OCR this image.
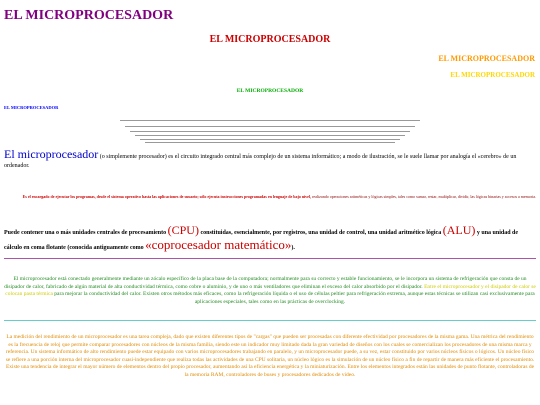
EL MICROPROCESADOR
EL MICROPROCESADOR
EL MICROPROCESADOR
EL MICROPROCESADOR
EL MICROPROCESADOR
EL MICROPROCESADOR
El microprocesador (o simplemente procesador) es el circuito integrado central más complejo de un sistema informático; a modo de ilustración, se le suele llamar por analogía el «cerebro» de un ordenador.
Es el encargado de ejecutar los programas, desde el sistema operativo hasta las aplicaciones de usuario; sólo ejecuta instrucciones programadas en lenguaje de bajo nivel, realizando operaciones aritméticas y lógicas simples, tales como sumar, restar, multiplicar, dividir, las lógicas binarias y accesos a memoria.
Puede contener una o más unidades centrales de procesamiento (CPU) constituidas, esencialmente, por registros, una unidad de control, una unidad aritmético lógica (ALU) y una unidad de cálculo en coma flotante (conocida antiguamente como «coprocesador matemático»).
El microprocesador está conectado generalmente mediante un zócalo específico de la placa base de la computadora; normalmente para su correcto y estable funcionamiento, se le incorpora un sistema de refrigeración que consta de un disipador de calor, fabricado de algún material de alta conductividad térmica, como cobre o aluminio, y de uno o más ventiladores que eliminan el exceso del calor absorbido por el disipador. Entre el microprocesador y el disipador de calor se colocan pasta térmica para mejorar la conductividad del calor. Existen otros métodos más eficaces, como la refrigeración líquida o el uso de células peltier para refrigeración extrema, aunque estas técnicas se utilizan casi exclusivamente para aplicaciones especiales, tales como en las prácticas de overclocking.
La medición del rendimiento de un microprocesador es una tarea compleja, dado que existen diferentes tipos de "cargas" que pueden ser procesadas con diferente efectividad por procesadores de la misma gama. Una métrica del rendimiento es la frecuencia de reloj que permite comparar procesadores con núcleos de la misma familia, siendo este un indicador muy limitado dada la gran variedad de diseños con los cuales se comercializan los procesadores de una misma marca y referencia. Un sistema informático de alto rendimiento puede estar equipado con varios microprocesadores trabajando en paralelo, y un microprocesador puede, a su vez, estar constituido por varios núcleos físicos o lógicos. Un núcleo físico se refiere a una porción interna del microprocesador cuasi-independiente que realiza todas las actividades de una CPU solitaria, un núcleo lógico es la simulación de un núcleo físico a fin de repartir de manera más eficiente el procesamiento. Existe una tendencia de integrar el mayor número de elementos dentro del propio procesador, aumentando así la eficiencia energética y la miniaturización. Entre los elementos integrados están las unidades de punto flotante, controladoras de la memoria RAM, controladores de buses y procesadores dedicados de video.
